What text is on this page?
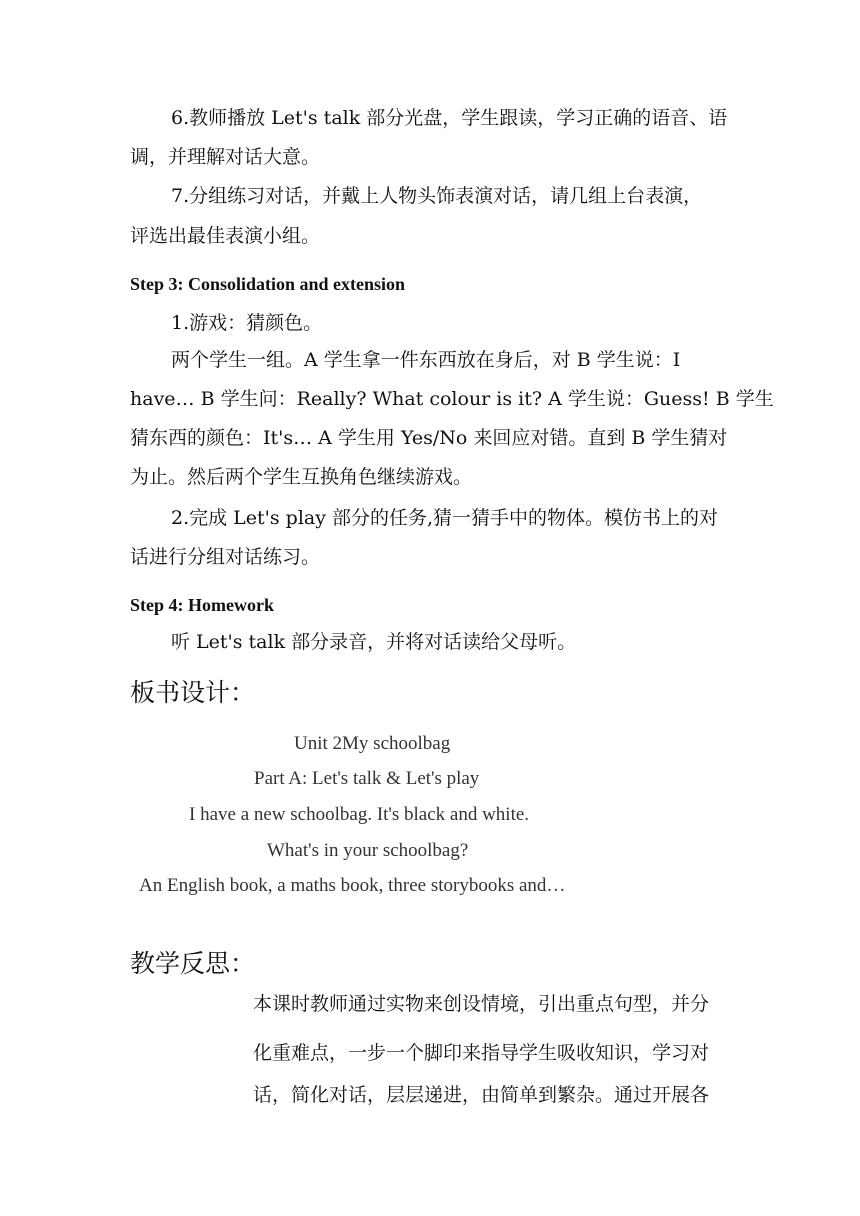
6.教师播放 Let's talk 部分光盘，学生跟读，学习正确的语音、语
调，并理解对话大意。
7.分组练习对话，并戴上人物头饰表演对话，请几组上台表演，
评选出最佳表演小组。
Step 3: Consolidation and extension
1.游戏：猜颜色。
两个学生一组。A 学生拿一件东西放在身后，对 B 学生说：I
have… B 学生问：Really? What colour is it? A 学生说：Guess! B 学生
猜东西的颜色：It's… A 学生用 Yes/No 来回应对错。直到 B 学生猜对
为止。然后两个学生互换角色继续游戏。
2.完成 Let's play 部分的任务,猜一猜手中的物体。模仿书上的对
话进行分组对话练习。
Step 4: Homework
听 Let's talk 部分录音，并将对话读给父母听。
板书设计：
Unit 2My schoolbag
Part A: Let's talk & Let's play
I have a new schoolbag. It's black and white.
What's in your schoolbag?
An English book, a maths book, three storybooks and…
教学反思：
本课时教师通过实物来创设情境，引出重点句型，并分
化重难点，一步一个脚印来指导学生吸收知识，学习对
话，简化对话，层层递进，由简单到繁杂。通过开展各
